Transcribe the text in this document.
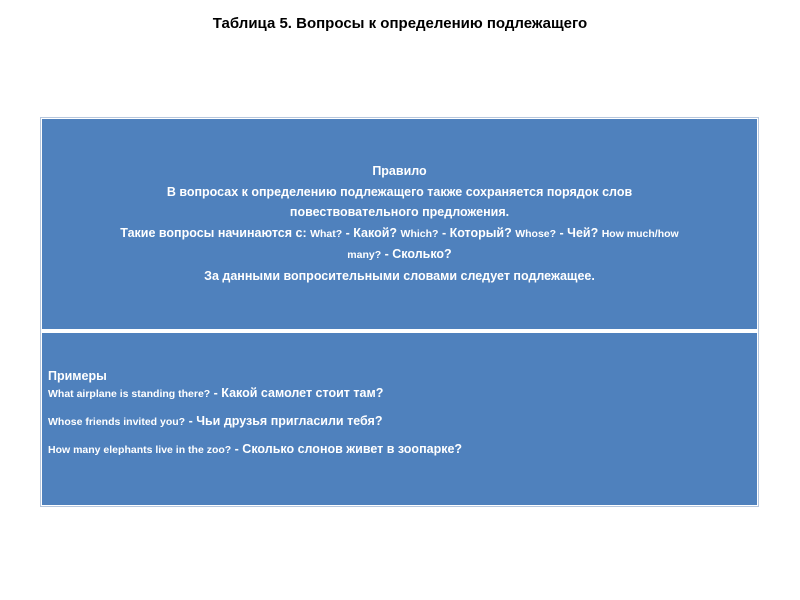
Таблица 5. Вопросы к определению подлежащего
Правило
В вопросах к определению подлежащего также сохраняется порядок слов
повествовательного предложения.
Такие вопросы начинаются с: What? - Какой? Which? - Который? Whose? - Чей? How much/how
many? - Сколько?
За данными вопросительными словами следует подлежащее.
Примеры
What airplane is standing there? - Какой самолет стоит там?
Whose friends invited you? - Чьи друзья пригласили тебя?
How many elephants live in the zoo? - Сколько слонов живет в зоопарке?
